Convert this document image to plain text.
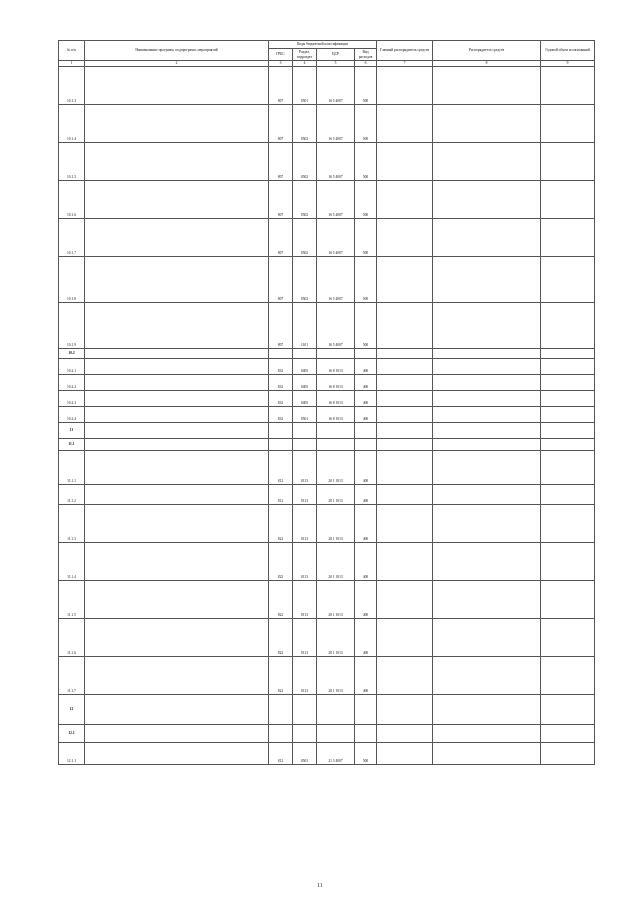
№ п/п	Наименование программ, подпрограмм, мероприятий	Коды бюджетной классификации				Главный распорядитель средств	Распорядитель средств	Годовой объем ассигнований
		ГРБС	Раздел, подраздел	ЦСР	Вид расходов			
1	2	3	4	5	6	7	8	9
10.1.3		807	0501	16 5 4007	500			
10.1.4		807	0502	16 5 4007	500			
10.1.5		807	0502	16 5 4007	500			
10.1.6		807	0502	16 5 4007	500			
10.1.7		807	0502	16 5 4007	500			
10.1.8		807	0502	16 5 4007	500			
10.1.9		807	1101	16 5 4007	500			
10.2								
10.2.1		832	0405	16 8 1013	400			
10.2.2		832	0405	16 8 1013	400			
10.2.3		832	0405	16 8 1013	400			
10.2.4		832	0501	16 8 1013	400			
11								
11.1								
11.1.1		812	0113	20 1 1013	400			
11.1.2		812	0113	20 1 1013	400			
11.1.3		822	0113	20 1 1013	400			
11.1.4		822	0113	20 1 1013	400			
11.1.5		822	0113	20 1 1013	400			
11.1.6		822	0113	20 1 1013	400			
11.1.7		822	0113	20 1 1013	400			
12								
12.1								
12.1.1		812	0501	21 3 4007	500			
11
